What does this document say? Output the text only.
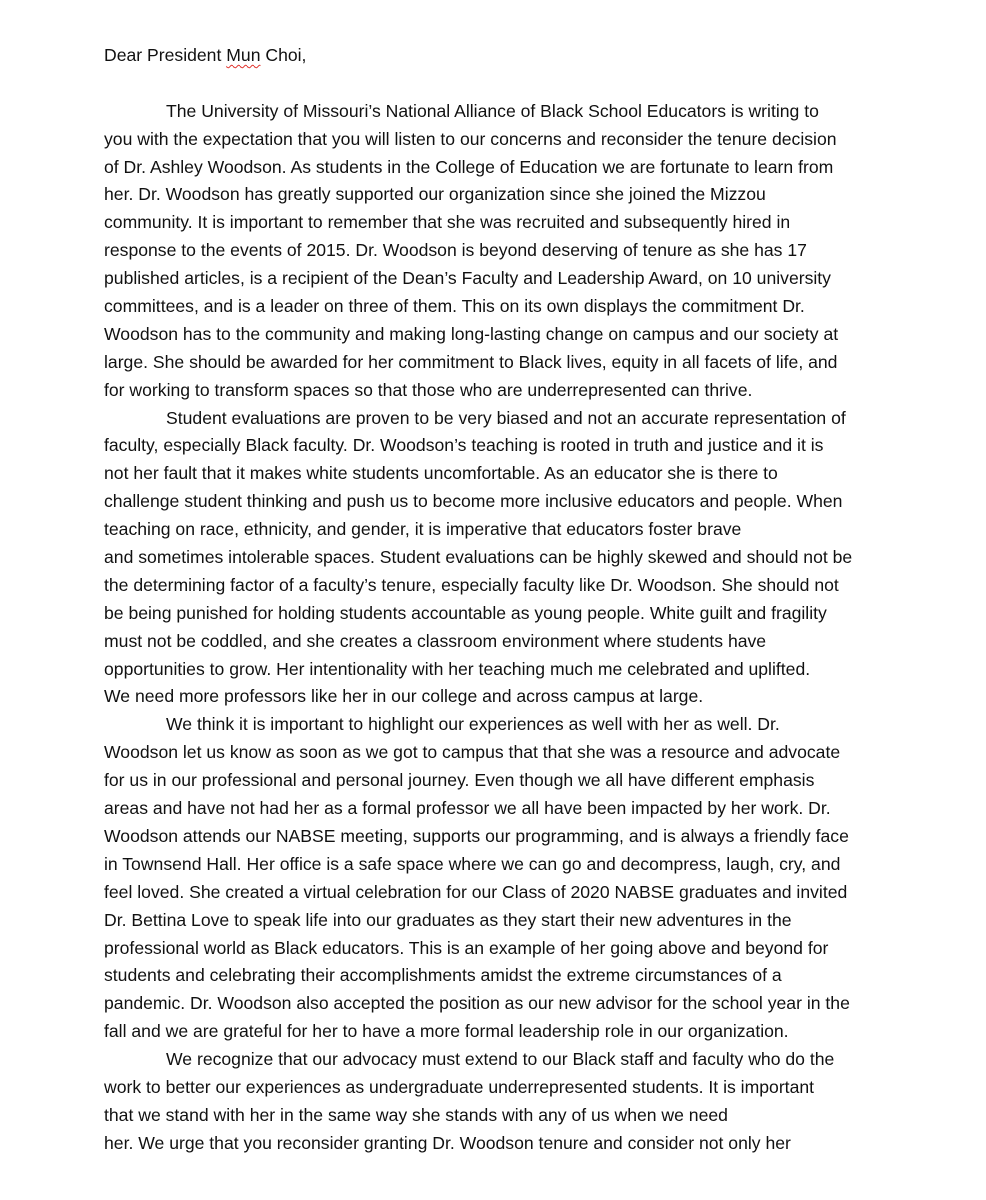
Dear President Mun Choi,
The University of Missouri’s National Alliance of Black School Educators is writing to
you with the expectation that you will listen to our concerns and reconsider the tenure decision
of Dr. Ashley Woodson. As students in the College of Education we are fortunate to learn from
her. Dr. Woodson has greatly supported our organization since she joined the Mizzou
community. It is important to remember that she was recruited and subsequently hired in
response to the events of 2015. Dr. Woodson is beyond deserving of tenure as she has 17
published articles, is a recipient of the Dean’s Faculty and Leadership Award, on 10 university
committees, and is a leader on three of them. This on its own displays the commitment Dr.
Woodson has to the community and making long-lasting change on campus and our society at
large. She should be awarded for her commitment to Black lives, equity in all facets of life, and
for working to transform spaces so that those who are underrepresented can thrive.
Student evaluations are proven to be very biased and not an accurate representation of
faculty, especially Black faculty. Dr. Woodson’s teaching is rooted in truth and justice and it is
not her fault that it makes white students uncomfortable. As an educator she is there to
challenge student thinking and push us to become more inclusive educators and people. When
teaching on race, ethnicity, and gender, it is imperative that educators foster brave
and sometimes intolerable spaces. Student evaluations can be highly skewed and should not be
the determining factor of a faculty’s tenure, especially faculty like Dr. Woodson. She should not
be being punished for holding students accountable as young people. White guilt and fragility
must not be coddled, and she creates a classroom environment where students have
opportunities to grow. Her intentionality with her teaching much me celebrated and uplifted.
We need more professors like her in our college and across campus at large.
We think it is important to highlight our experiences as well with her as well. Dr.
Woodson let us know as soon as we got to campus that that she was a resource and advocate
for us in our professional and personal journey. Even though we all have different emphasis
areas and have not had her as a formal professor we all have been impacted by her work. Dr.
Woodson attends our NABSE meeting, supports our programming, and is always a friendly face
in Townsend Hall. Her office is a safe space where we can go and decompress, laugh, cry, and
feel loved. She created a virtual celebration for our Class of 2020 NABSE graduates and invited
Dr. Bettina Love to speak life into our graduates as they start their new adventures in the
professional world as Black educators. This is an example of her going above and beyond for
students and celebrating their accomplishments amidst the extreme circumstances of a
pandemic. Dr. Woodson also accepted the position as our new advisor for the school year in the
fall and we are grateful for her to have a more formal leadership role in our organization.
We recognize that our advocacy must extend to our Black staff and faculty who do the
work to better our experiences as undergraduate underrepresented students. It is important
that we stand with her in the same way she stands with any of us when we need
her. We urge that you reconsider granting Dr. Woodson tenure and consider not only her
